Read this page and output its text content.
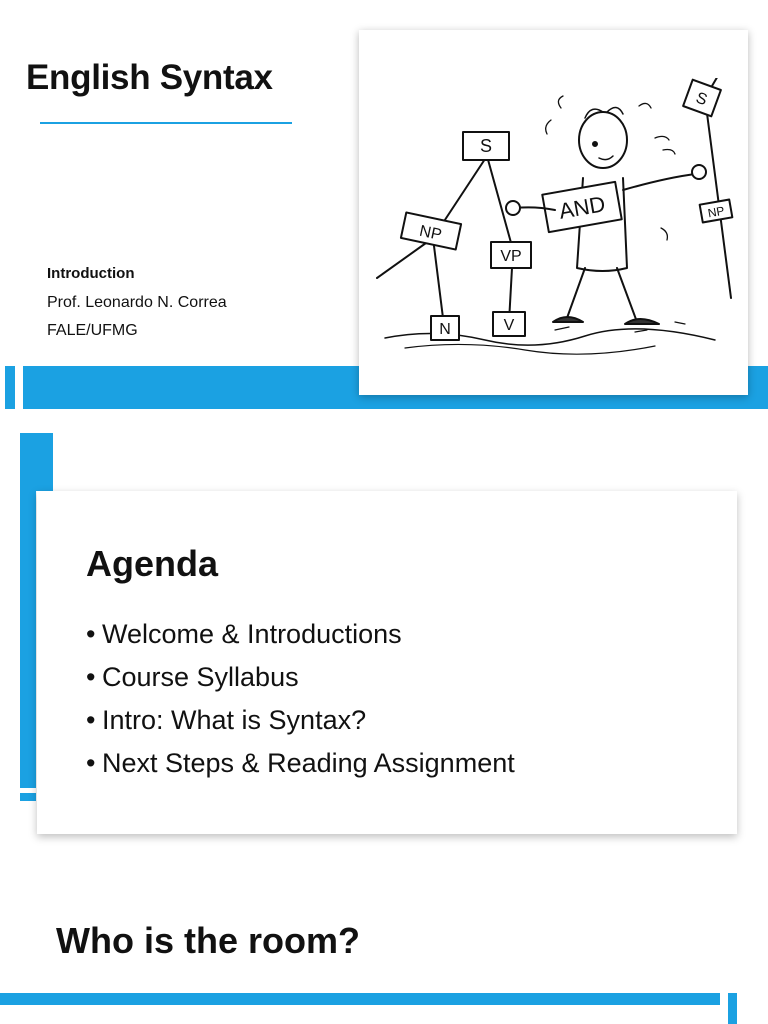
English Syntax
Introduction
Prof. Leonardo N. Correa
FALE/UFMG
S
NP
VP
N	V
AND
S
NP
Agenda
• Welcome & Introductions
• Course Syllabus
• Intro: What is Syntax?
• Next Steps & Reading Assignment
Who is the room?
